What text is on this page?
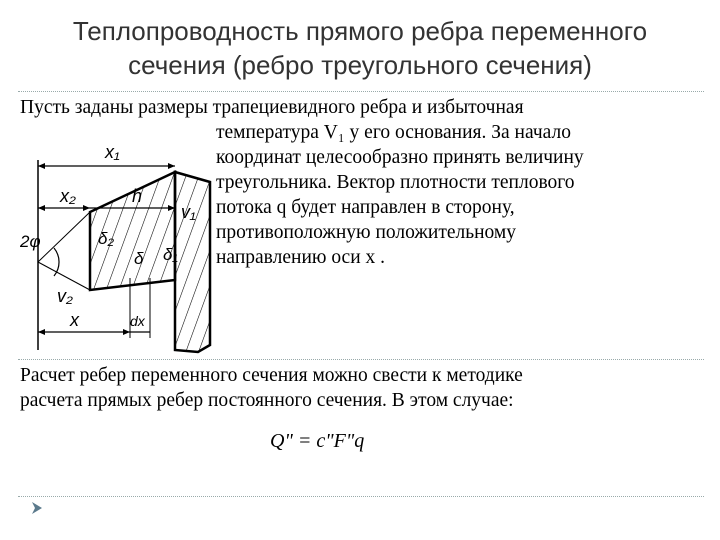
Теплопроводность прямого ребра переменного
сечения (ребро треугольного сечения)
Пусть заданы размеры трапециевидного ребра и избыточная
температура V₁ у его основания. За начало
координат целесообразно принять величину
треугольника. Вектор плотности теплового
потока q будет направлен в сторону,
противоположную положительному
направлению оси x .
x₁
x₂	h
v₁
2φ	δ₂
δ δ₁
v₂
x	dx
Расчет ребер переменного сечения можно свести к методике
расчета прямых ребер постоянного сечения. В этом случае:
Q" = c"F"q
